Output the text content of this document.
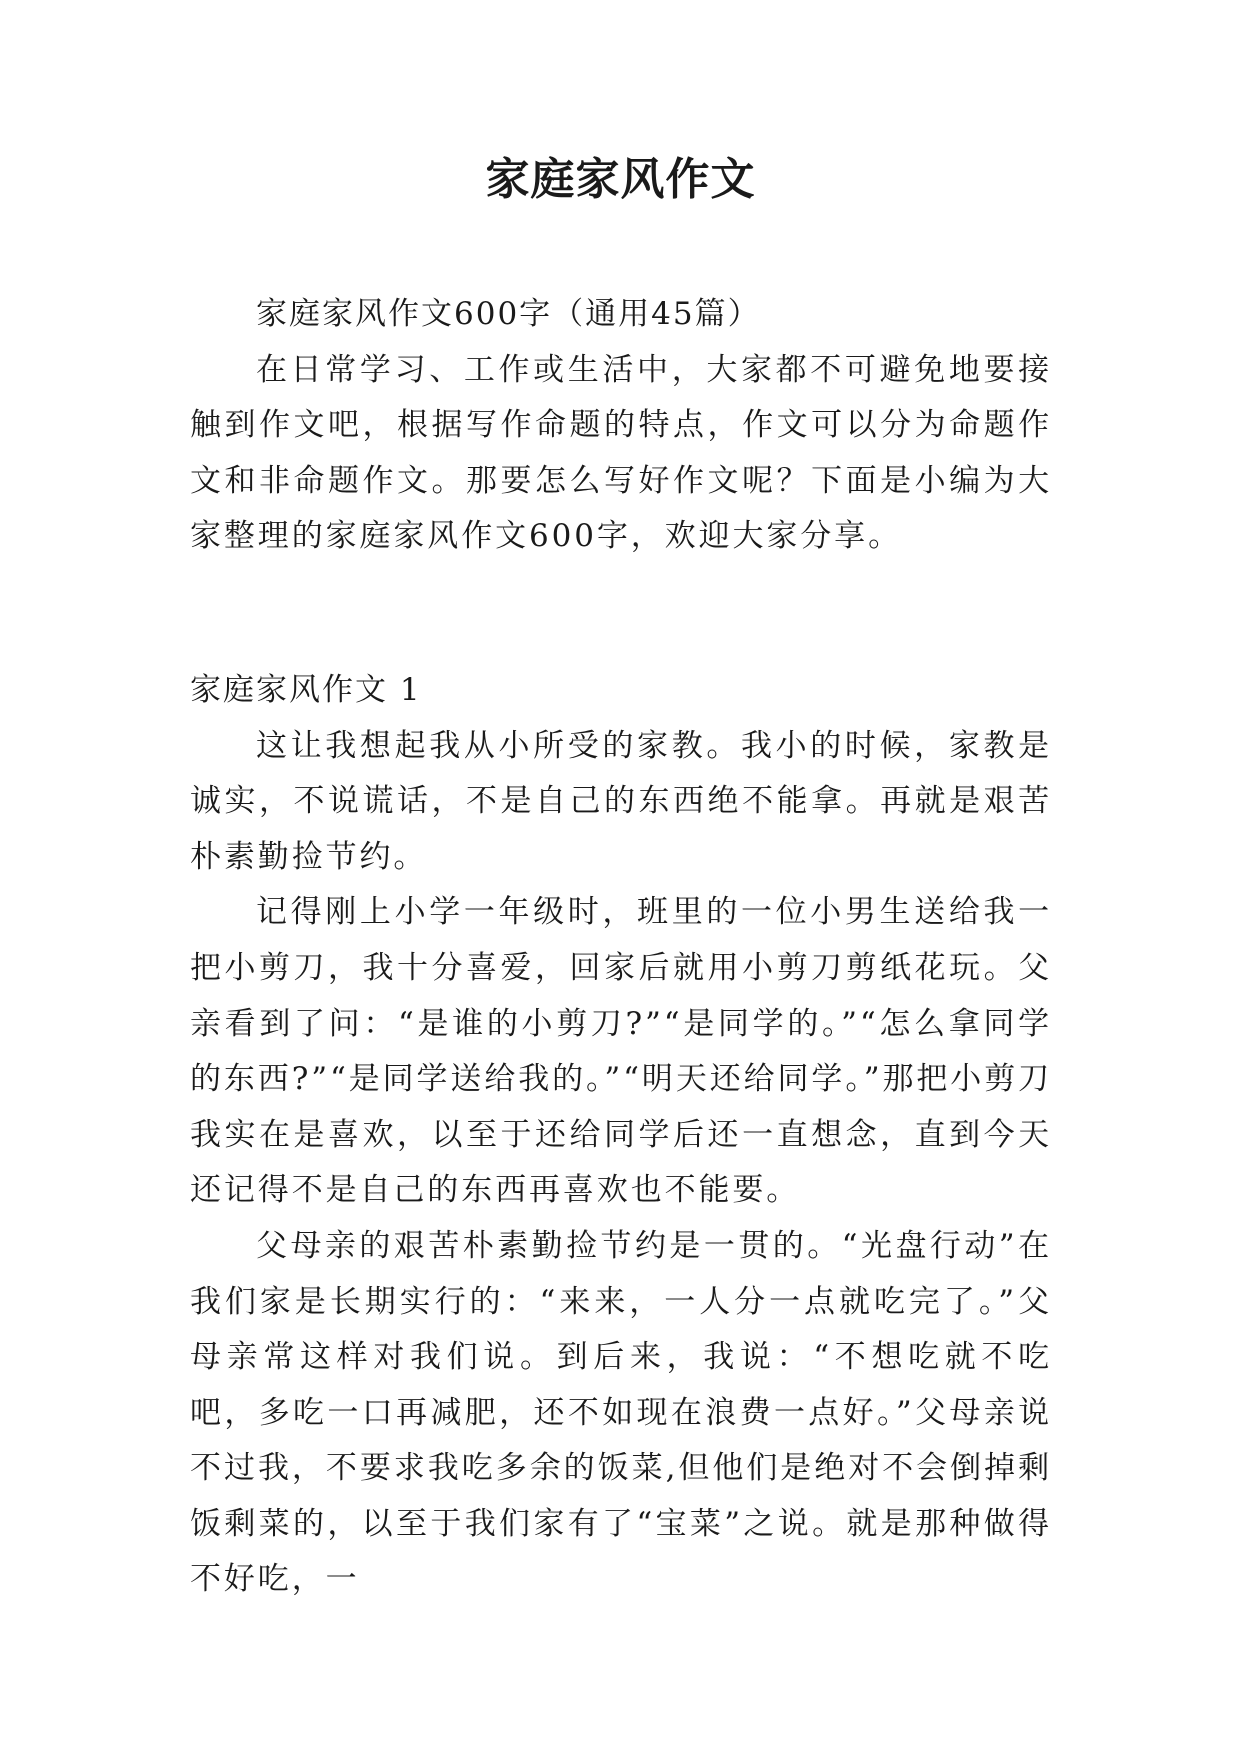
家庭家风作文

家庭家风作文600字（通用45篇）

在日常学习、工作或生活中，大家都不可避免地要接触到作文吧，根据写作命题的特点，作文可以分为命题作文和非命题作文。那要怎么写好作文呢？下面是小编为大家整理的家庭家风作文600字，欢迎大家分享。

家庭家风作文 1

这让我想起我从小所受的家教。我小的时候，家教是诚实，不说谎话，不是自己的东西绝不能拿。再就是艰苦朴素勤捡节约。

记得刚上小学一年级时，班里的一位小男生送给我一把小剪刀，我十分喜爱，回家后就用小剪刀剪纸花玩。父亲看到了问：“是谁的小剪刀?”“是同学的。”“怎么拿同学的东西?”“是同学送给我的。”“明天还给同学。”那把小剪刀我实在是喜欢，以至于还给同学后还一直想念，直到今天还记得不是自己的东西再喜欢也不能要。

父母亲的艰苦朴素勤捡节约是一贯的。“光盘行动”在我们家是长期实行的：“来来，一人分一点就吃完了。”父母亲常这样对我们说。到后来，我说：“不想吃就不吃吧，多吃一口再减肥，还不如现在浪费一点好。”父母亲说不过我，不要求我吃多余的饭菜,但他们是绝对不会倒掉剩饭剩菜的，以至于我们家有了“宝菜”之说。就是那种做得不好吃，一
